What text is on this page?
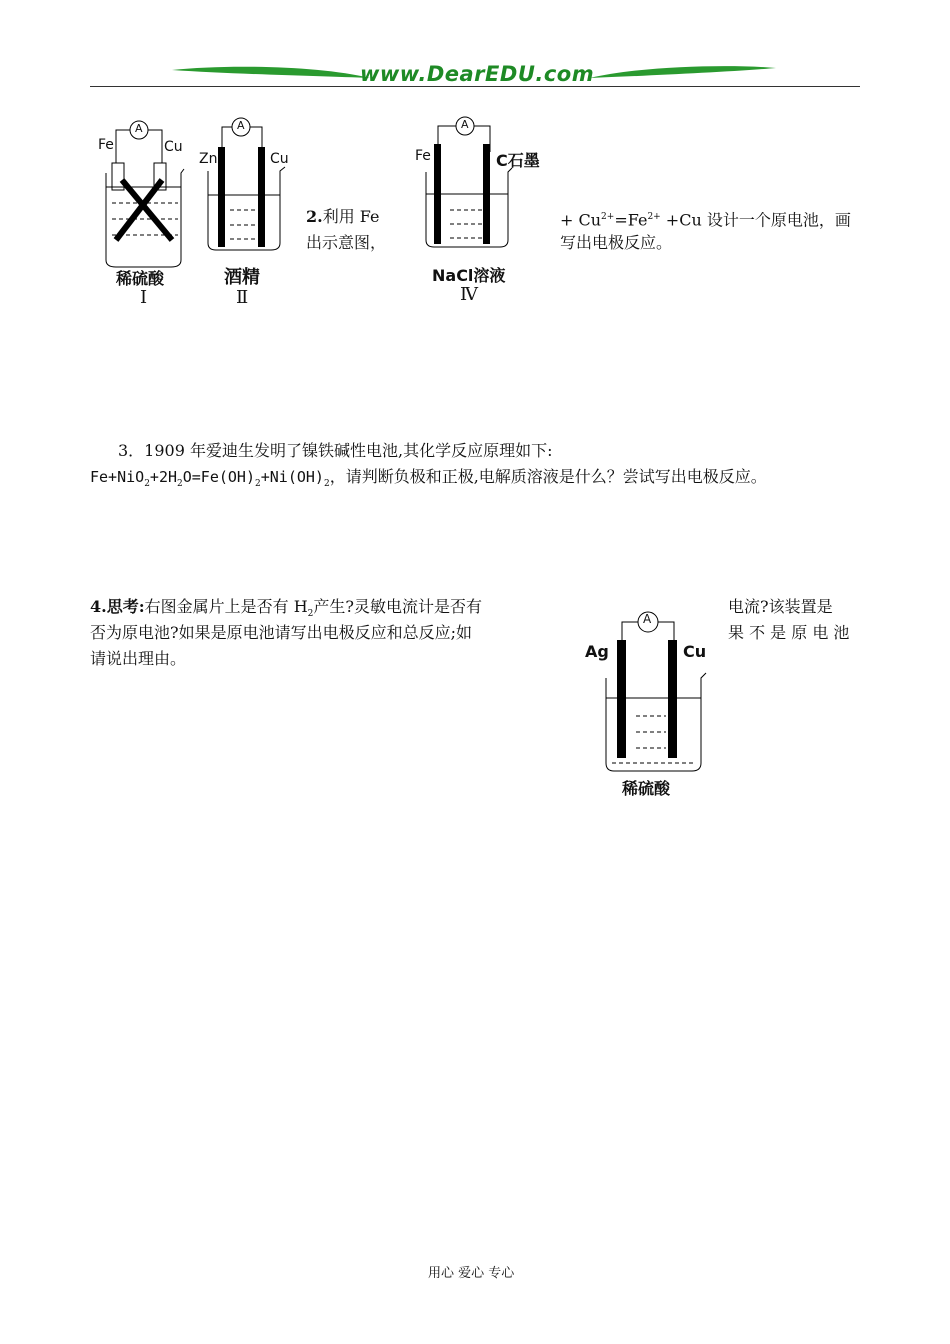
www.DearEDU.com
Fe	Cu
A
稀硫酸
Ⅰ
Zn	Cu
A
酒精
Ⅱ
2.利用 Fe
出示意图，
Fe	C石墨
A
NaCl溶液
Ⅳ
+ $Cu^{2+}=Fe^{2+} +Cu$ 设计一个原电池，画
写出电极反应。
3．1909 年爱迪生发明了镍铁碱性电池,其化学反应原理如下:
$Fe+NiO_2+2H_2O=Fe(OH)_2+Ni(OH)_2$，请判断负极和正极,电解质溶液是什么？尝试写出电极反应。
4.思考:右图金属片上是否有 $H_2$产生?灵敏电流计是否有
否为原电池?如果是原电池请写出电极反应和总反应;如
请说出理由。
电流?该装置是
果 不 是 原 电 池
Ag	Cu
A
稀硫酸
用心 爱心 专心
